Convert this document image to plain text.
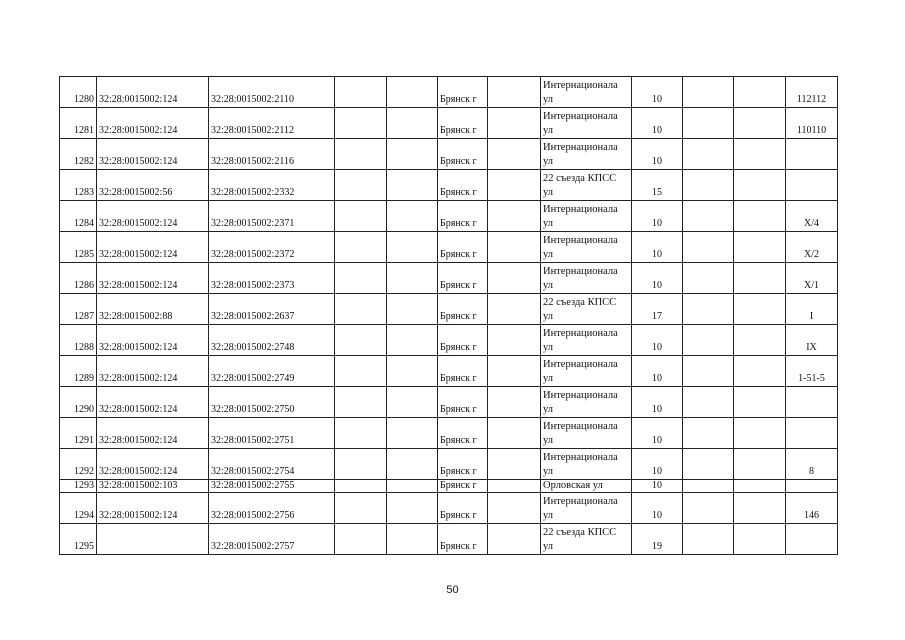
1280	32:28:0015002:124	32:28:0015002:2110			Брянск г		Интернационала
ул	10			112112
1281	32:28:0015002:124	32:28:0015002:2112			Брянск г		Интернационала
ул	10			110110
1282	32:28:0015002:124	32:28:0015002:2116			Брянск г		Интернационала
ул	10			
1283	32:28:0015002:56	32:28:0015002:2332			Брянск г		22 съезда КПСС
ул	15			
1284	32:28:0015002:124	32:28:0015002:2371			Брянск г		Интернационала
ул	10			X/4
1285	32:28:0015002:124	32:28:0015002:2372			Брянск г		Интернационала
ул	10			X/2
1286	32:28:0015002:124	32:28:0015002:2373			Брянск г		Интернационала
ул	10			X/1
1287	32:28:0015002:88	32:28:0015002:2637			Брянск г		22 съезда КПСС
ул	17			I
1288	32:28:0015002:124	32:28:0015002:2748			Брянск г		Интернационала
ул	10			IX
1289	32:28:0015002:124	32:28:0015002:2749			Брянск г		Интернационала
ул	10			1-51-5
1290	32:28:0015002:124	32:28:0015002:2750			Брянск г		Интернационала
ул	10			
1291	32:28:0015002:124	32:28:0015002:2751			Брянск г		Интернационала
ул	10			
1292	32:28:0015002:124	32:28:0015002:2754			Брянск г		Интернационала
ул	10			8
1293	32:28:0015002:103	32:28:0015002:2755			Брянск г		Орловская ул	10			
1294	32:28:0015002:124	32:28:0015002:2756			Брянск г		Интернационала
ул	10			146
1295		32:28:0015002:2757			Брянск г		22 съезда КПСС
ул	19			
50
